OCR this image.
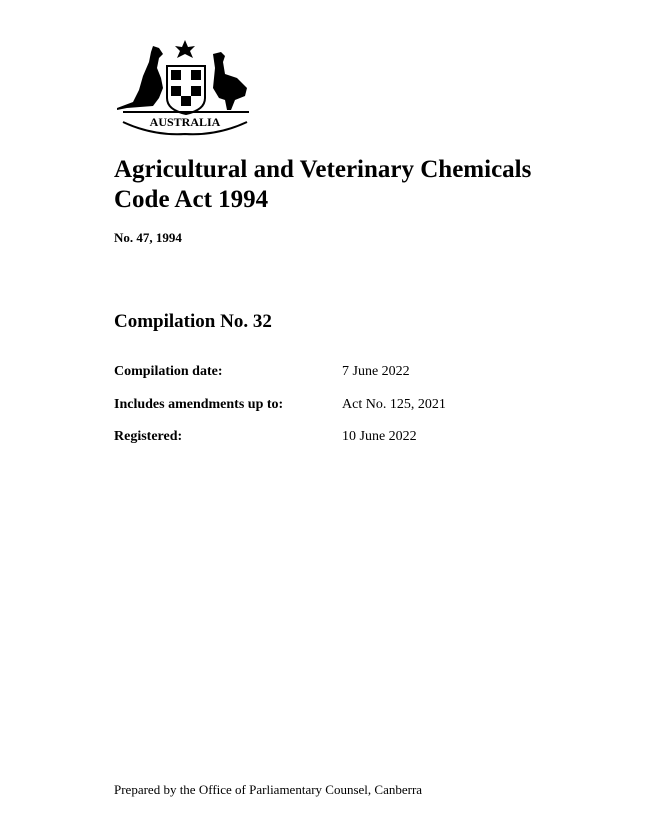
AUSTRALIA
Agricultural and Veterinary Chemicals
Code Act 1994
No. 47, 1994
Compilation No. 32
Compilation date:	7 June 2022
Includes amendments up to:	Act No. 125, 2021
Registered:	10 June 2022
Prepared by the Office of Parliamentary Counsel, Canberra
